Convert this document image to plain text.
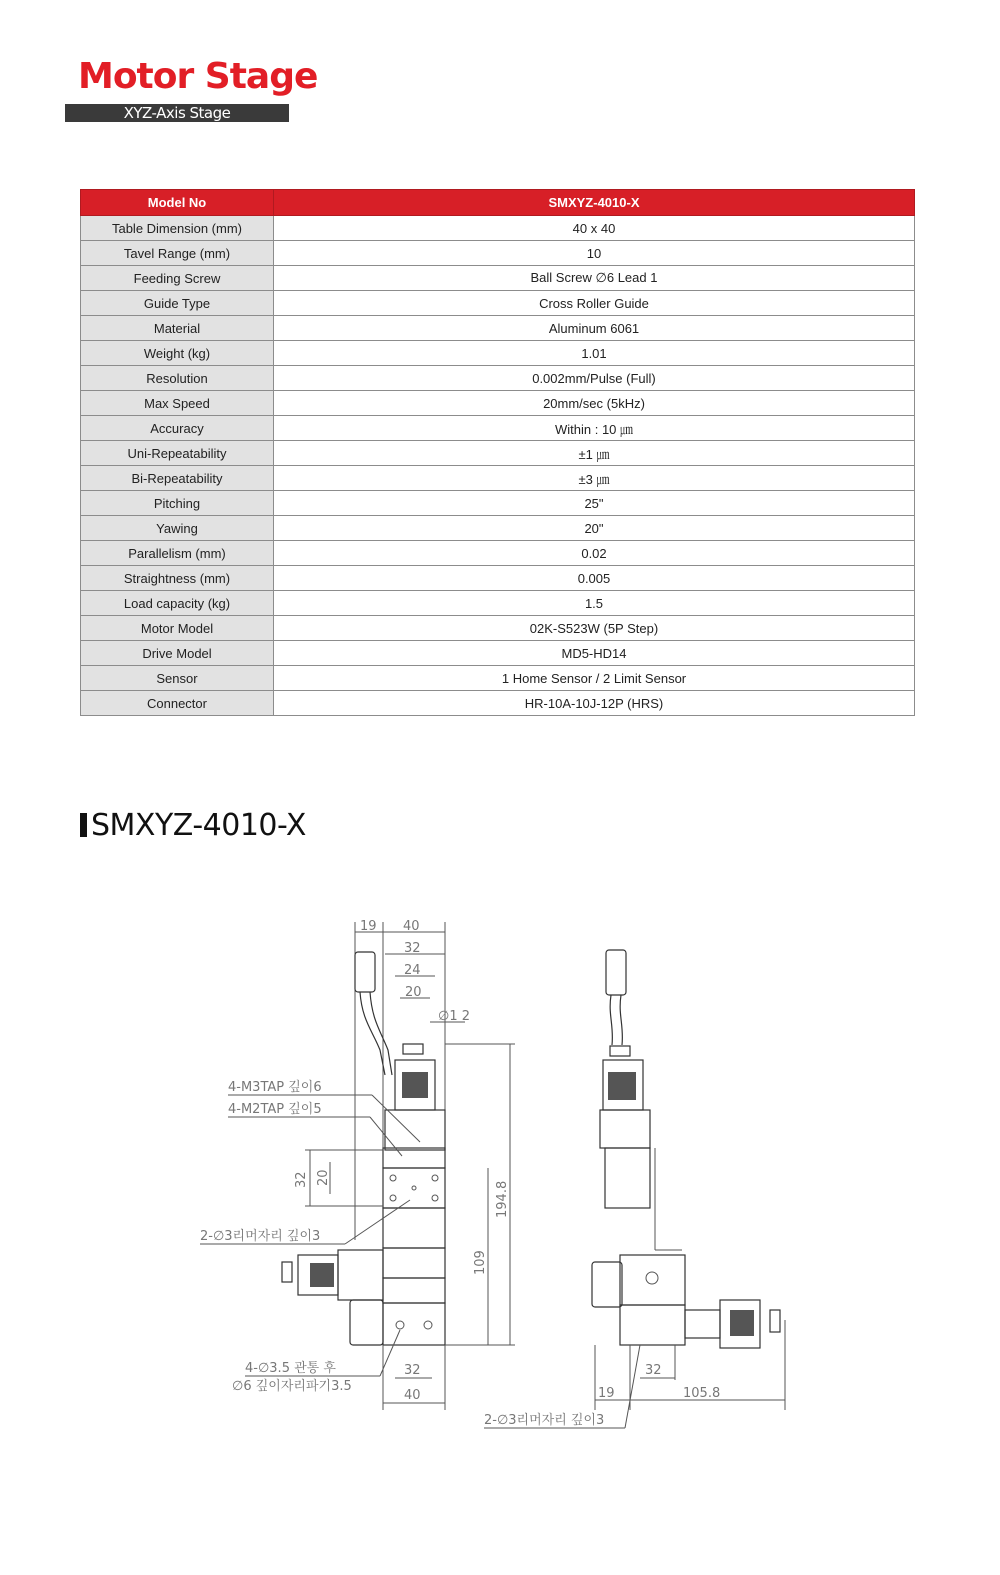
Motor Stage
XYZ-Axis Stage
Model No	SMXYZ-4010-X
Table Dimension (mm)	40 x 40
Tavel Range (mm)	10
Feeding Screw	Ball Screw ∅6 Lead 1
Guide Type	Cross Roller Guide
Material	Aluminum 6061
Weight (kg)	1.01
Resolution	0.002mm/Pulse (Full)
Max Speed	20mm/sec (5kHz)
Accuracy	Within : 10 ㎛
Uni-Repeatability	±1 ㎛
Bi-Repeatability	±3 ㎛
Pitching	25"
Yawing	20"
Parallelism (mm)	0.02
Straightness (mm)	0.005
Load capacity (kg)	1.5
Motor Model	02K-S523W (5P Step)
Drive Model	MD5-HD14
Sensor	1 Home Sensor / 2 Limit Sensor
Connector	HR-10A-10J-12P (HRS)
SMXYZ-4010-X
19 40
32
24
20
∅1 2
32 20
194.8
109
4-M3TAP 깊이6
4-M2TAP 깊이5
2-∅3리머자리 깊이3
4-∅3.5 관통 후
∅6 깊이자리파기3.5
32
40
32
19	105.8
2-∅3리머자리 깊이3
